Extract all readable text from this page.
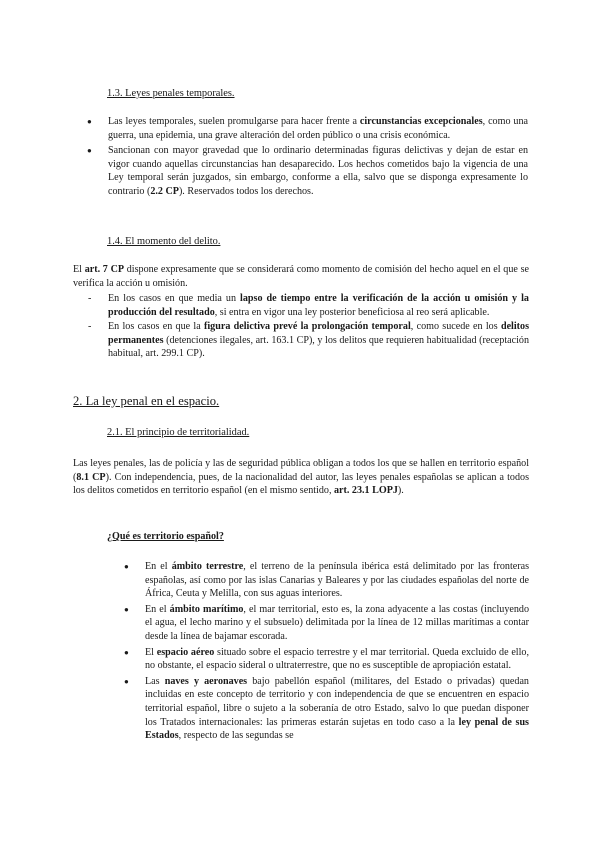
1.3. Leyes penales temporales.
● Las leyes temporales, suelen promulgarse para hacer frente a circunstancias excepcionales, como una guerra, una epidemia, una grave alteración del orden público o una crisis económica.
● Sancionan con mayor gravedad que lo ordinario determinadas figuras delictivas y dejan de estar en vigor cuando aquellas circunstancias han desaparecido. Los hechos cometidos bajo la vigencia de una Ley temporal serán juzgados, sin embargo, conforme a ella, salvo que se disponga expresamente lo contrario (2.2 CP). Reservados todos los derechos.
1.4. El momento del delito.

El art. 7 CP dispone expresamente que se considerará como momento de comisión del hecho aquel en el que se verifica la acción u omisión.

- En los casos en que media un lapso de tiempo entre la verificación de la acción u omisión y la producción del resultado, si entra en vigor una ley posterior beneficiosa al reo será aplicable.
- En los casos en que la figura delictiva prevé la prolongación temporal, como sucede en los delitos permanentes (detenciones ilegales, art. 163.1 CP), y los delitos que requieren habitualidad (receptación habitual, art. 299.1 CP).
2. La ley penal en el espacio.
2.1. El principio de territorialidad.

Las leyes penales, las de policía y las de seguridad pública obligan a todos los que se hallen en territorio español (8.1 CP). Con independencia, pues, de la nacionalidad del autor, las leyes penales españolas se aplican a todos los delitos cometidos en territorio español (en el mismo sentido, art. 23.1 LOPJ).

¿Qué es territorio español?
● En el ámbito terrestre, el terreno de la península ibérica está delimitado por las fronteras españolas, así como por las islas Canarias y Baleares y por las ciudades españolas del norte de África, Ceuta y Melilla, con sus aguas interiores.
● En el ámbito marítimo, el mar territorial, esto es, la zona adyacente a las costas (incluyendo el agua, el lecho marino y el subsuelo) delimitada por la línea de 12 millas marítimas a contar desde la línea de bajamar escorada.
● El espacio aéreo situado sobre el espacio terrestre y el mar territorial. Queda excluido de ello, no obstante, el espacio sideral o ultraterrestre, que no es susceptible de apropiación estatal.
● Las naves y aeronaves bajo pabellón español (militares, del Estado o privadas) quedan incluidas en este concepto de territorio y con independencia de que se encuentren en espacio territorial español, libre o sujeto a la soberanía de otro Estado, salvo lo que puedan disponer los Tratados internacionales: las primeras estarán sujetas en todo caso a la ley penal de sus Estados, respecto de las segundas se
